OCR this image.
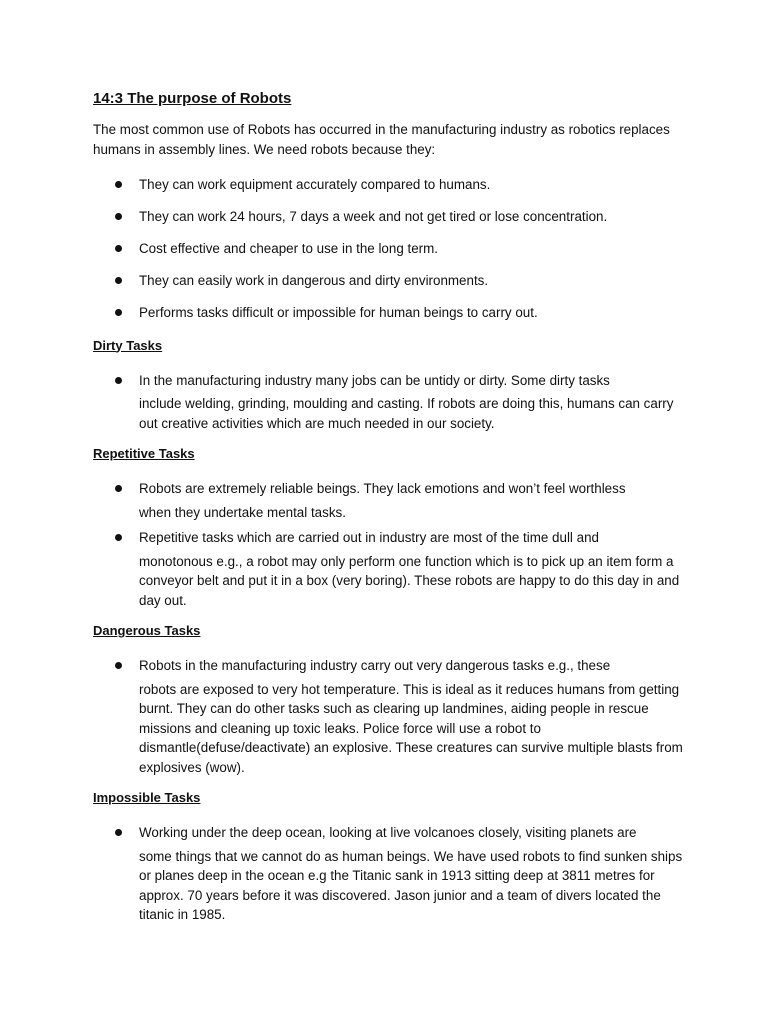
14:3 The purpose of Robots

The most common use of Robots has occurred in the manufacturing industry as robotics replaces humans in assembly lines. We need robots because they:

They can work equipment accurately compared to humans.
They can work 24 hours, 7 days a week and not get tired or lose concentration.
Cost effective and cheaper to use in the long term.
They can easily work in dangerous and dirty environments.
Performs tasks difficult or impossible for human beings to carry out.
Dirty Tasks
In the manufacturing industry many jobs can be untidy or dirty. Some dirty tasks
include welding, grinding, moulding and casting. If robots are doing this, humans can carry out creative activities which are much needed in our society.
Repetitive Tasks
Robots are extremely reliable beings. They lack emotions and won’t feel worthless
when they undertake mental tasks.
Repetitive tasks which are carried out in industry are most of the time dull and
monotonous e.g., a robot may only perform one function which is to pick up an item form a conveyor belt and put it in a box (very boring). These robots are happy to do this day in and day out.
Dangerous Tasks
Robots in the manufacturing industry carry out very dangerous tasks e.g., these
robots are exposed to very hot temperature. This is ideal as it reduces humans from getting burnt. They can do other tasks such as clearing up landmines, aiding people in rescue missions and cleaning up toxic leaks. Police force will use a robot to dismantle(defuse/deactivate) an explosive. These creatures can survive multiple blasts from explosives (wow).
Impossible Tasks
Working under the deep ocean, looking at live volcanoes closely, visiting planets are
some things that we cannot do as human beings. We have used robots to find sunken ships or planes deep in the ocean e.g the Titanic sank in 1913 sitting deep at 3811 metres for approx. 70 years before it was discovered. Jason junior and a team of divers located the titanic in 1985.
